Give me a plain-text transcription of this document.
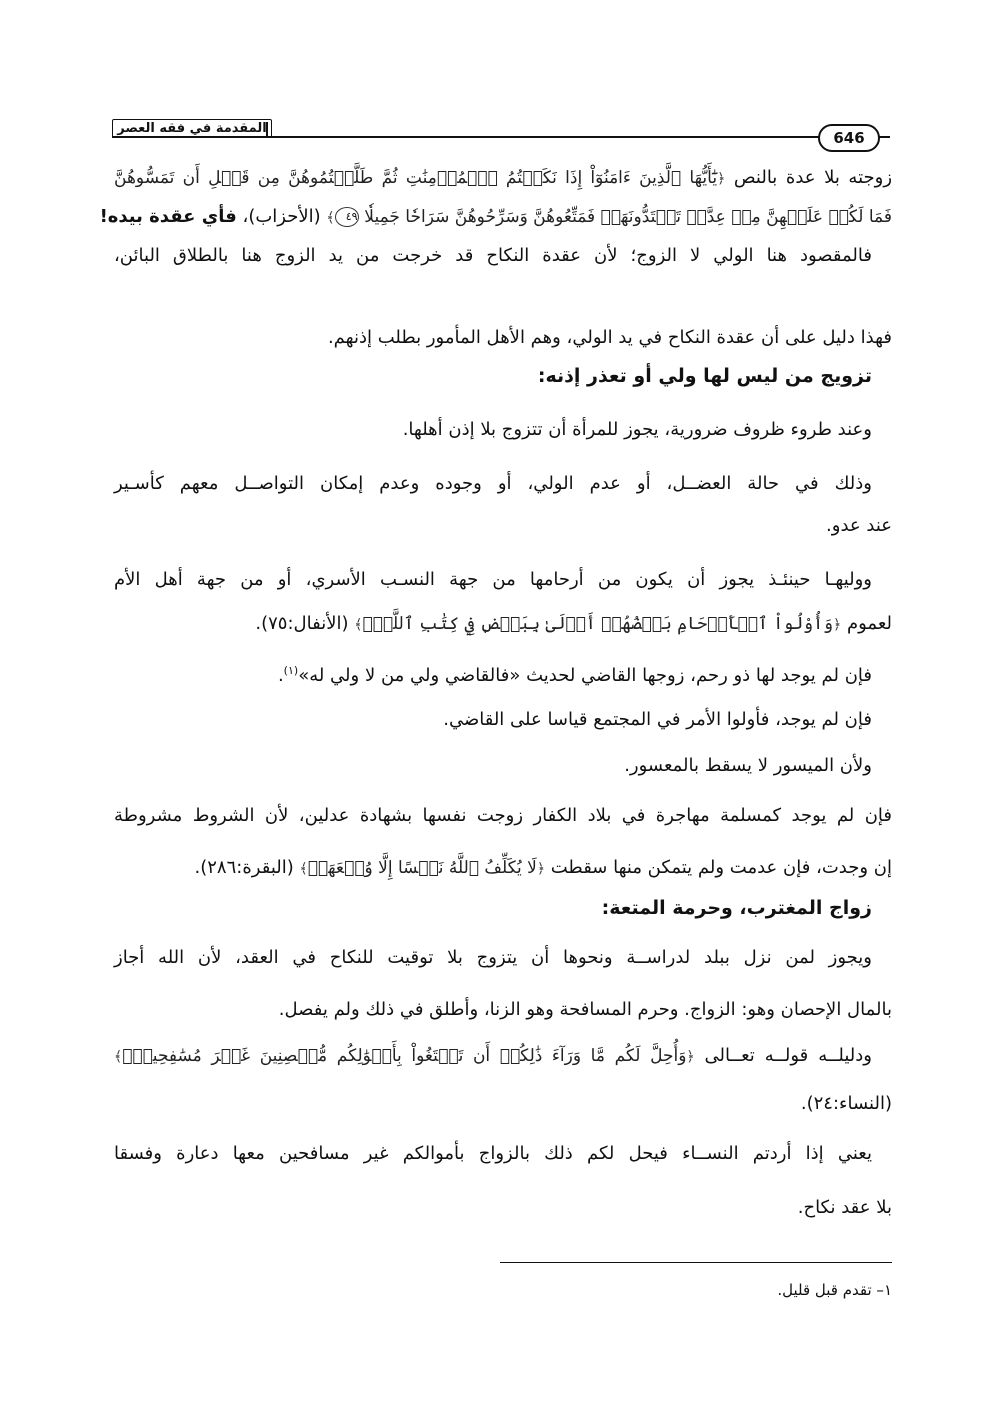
المقدمة في فقه العصر
646
زوجته بلا عدة بالنص ﴿يَٰٓأَيُّهَا ٱلَّذِينَ ءَامَنُوٓاْ إِذَا نَكَحۡتُمُ ٱلۡمُؤۡمِنَٰتِ ثُمَّ طَلَّقۡتُمُوهُنَّ مِن قَبۡلِ أَن تَمَسُّوهُنَّ
فَمَا لَكُمۡ عَلَيۡهِنَّ مِنۡ عِدَّةٖ تَعۡتَدُّونَهَاۖ فَمَتِّعُوهُنَّ وَسَرِّحُوهُنَّ سَرَاحٗا جَمِيلٗا ٤٩﴾ (الأحزاب)، فأي عقدة بيده!
فالمقصود هنا الولي لا الزوج؛ لأن عقدة النكاح قد خرجت من يد الزوج هنا بالطلاق البائن،
فهذا دليل على أن عقدة النكاح في يد الولي، وهم الأهل المأمور بطلب إذنهم.
تزويج من ليس لها ولي أو تعذر إذنه:
وعند طروء ظروف ضرورية، يجوز للمرأة أن تتزوج بلا إذن أهلها.
وذلك في حالة العضــل، أو عدم الولي، أو وجوده وعدم إمكان التواصــل معهم كأسـير
عند عدو.
ووليهـا حينئـذ يجوز أن يكون من أرحامها من جهة النسـب الأسري، أو من جهة أهل الأم
لعموم ﴿وَأُوْلُواْ ٱلۡأَرۡحَامِ بَعۡضُهُمۡ أَوۡلَىٰ بِبَعۡضٖ فِي كِتَٰبِ ٱللَّهِۚ﴾ (الأنفال:٧٥).
فإن لم يوجد لها ذو رحم، زوجها القاضي لحديث «فالقاضي ولي من لا ولي له»$^{(١)}$.
فإن لم يوجد، فأولوا الأمر في المجتمع قياسا على القاضي.
ولأن الميسور لا يسقط بالمعسور.
فإن لم يوجد كمسلمة مهاجرة في بلاد الكفار زوجت نفسها بشهادة عدلين، لأن الشروط مشروطة
إن وجدت، فإن عدمت ولم يتمكن منها سقطت ﴿لَا يُكَلِّفُ ٱللَّهُ نَفۡسًا إِلَّا وُسۡعَهَاۚ﴾ (البقرة:٢٨٦).
زواج المغترب، وحرمة المتعة:
ويجوز لمن نزل ببلد لدراســة ونحوها أن يتزوج بلا توقيت للنكاح في العقد، لأن الله أجاز
بالمال الإحصان وهو: الزواج. وحرم المسافحة وهو الزنا، وأطلق في ذلك ولم يفصل.
ودليلــه قولــه تعــالى ﴿وَأُحِلَّ لَكُم مَّا وَرَآءَ ذَٰلِكُمۡ أَن تَبۡتَغُواْ بِأَمۡوَٰلِكُم مُّحۡصِنِينَ غَيۡرَ مُسَٰفِحِينَۚ﴾
(النساء:٢٤).
يعني إذا أردتم النســاء فيحل لكم ذلك بالزواج بأموالكم غير مسافحين معها دعارة وفسقا
بلا عقد نكاح.
١– تقدم قبل قليل.
